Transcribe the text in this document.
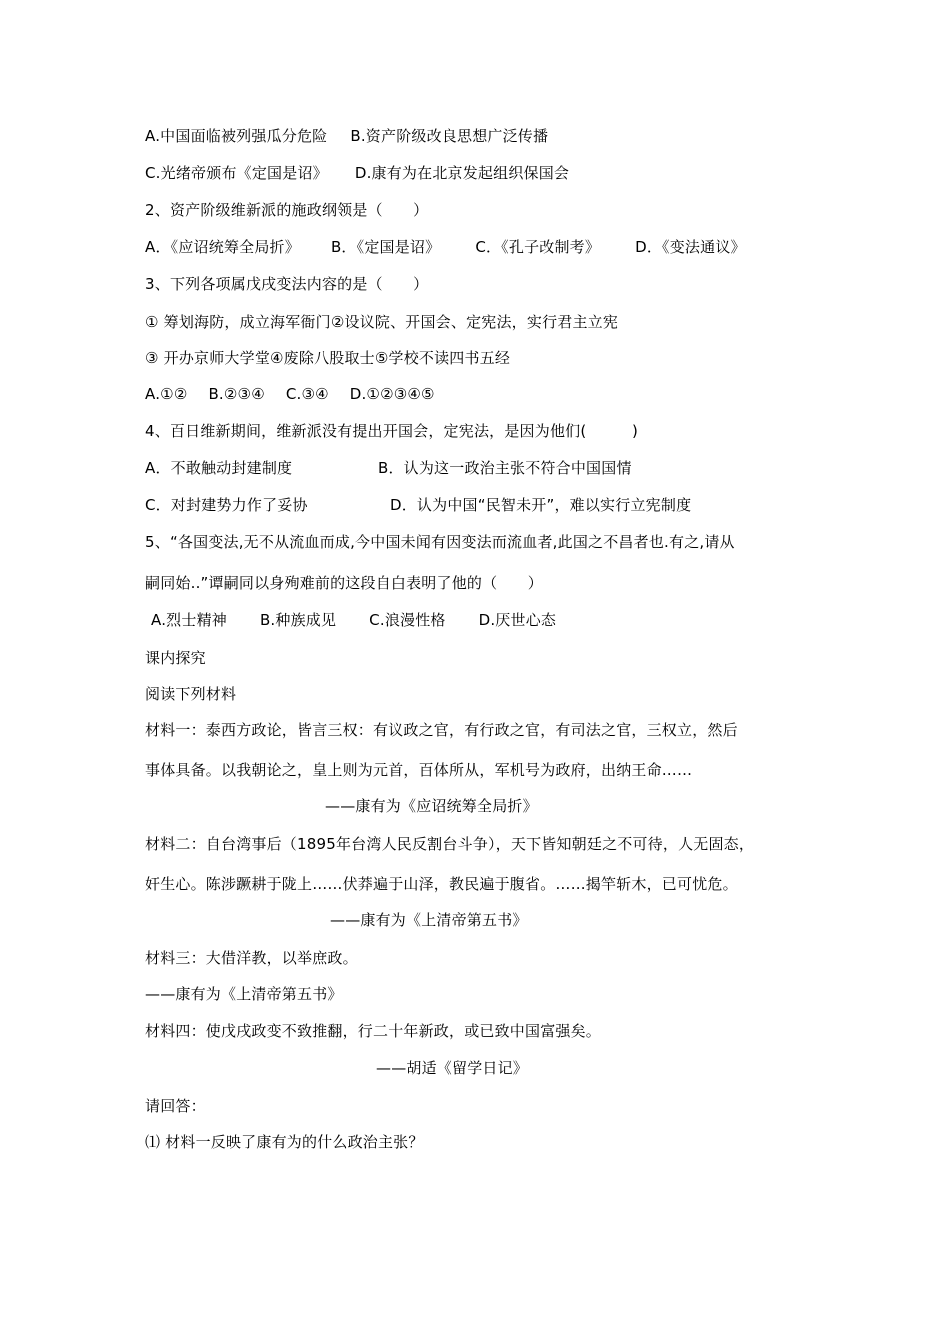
A.中国面临被列强瓜分危险 B.资产阶级改良思想广泛传播
C.光绪帝颁布《定国是诏》 D.康有为在北京发起组织保国会
2、资产阶级维新派的施政纲领是（　　）
A．《应诏统筹全局折》 B．《定国是诏》 C．《孔子改制考》 D．《变法通议》
3、下列各项属戊戌变法内容的是（　　）
① 筹划海防，成立海军衙门②设议院、开国会、定宪法，实行君主立宪
③ 开办京师大学堂④废除八股取士⑤学校不读四书五经
A.①② B.②③④ C.③④ D.①②③④⑤
4、百日维新期间，维新派没有提出开国会，定宪法，是因为他们(　　　)
A．不敢触动封建制度	B．认为这一政治主张不符合中国国情
C．对封建势力作了妥协	D．认为中国“民智未开”，难以实行立宪制度
5、“各国变法,无不从流血而成,今中国未闻有因变法而流血者,此国之不昌者也.有之,请从
嗣同始..”谭嗣同以身殉难前的这段自白表明了他的（　　）
A.烈士精神 B.种族成见 C.浪漫性格 D.厌世心态
课内探究
阅读下列材料
材料一：泰西方政论，皆言三权：有议政之官，有行政之官，有司法之官，三权立，然后
事体具备。以我朝论之，皇上则为元首，百体所从，军机号为政府，出纳王命……
——康有为《应诏统筹全局折》
材料二：自台湾事后（1895年台湾人民反割台斗争），天下皆知朝廷之不可待，人无固态，
奸生心。陈涉蹶耕于陇上……伏莽遍于山泽，教民遍于腹省。……揭竿斩木，已可忧危。
——康有为《上清帝第五书》
材料三：大借洋教，以举庶政。
——康有为《上清帝第五书》
材料四：使戊戌政变不致推翻，行二十年新政，或已致中国富强矣。
——胡适《留学日记》
请回答：
⑴ 材料一反映了康有为的什么政治主张？
